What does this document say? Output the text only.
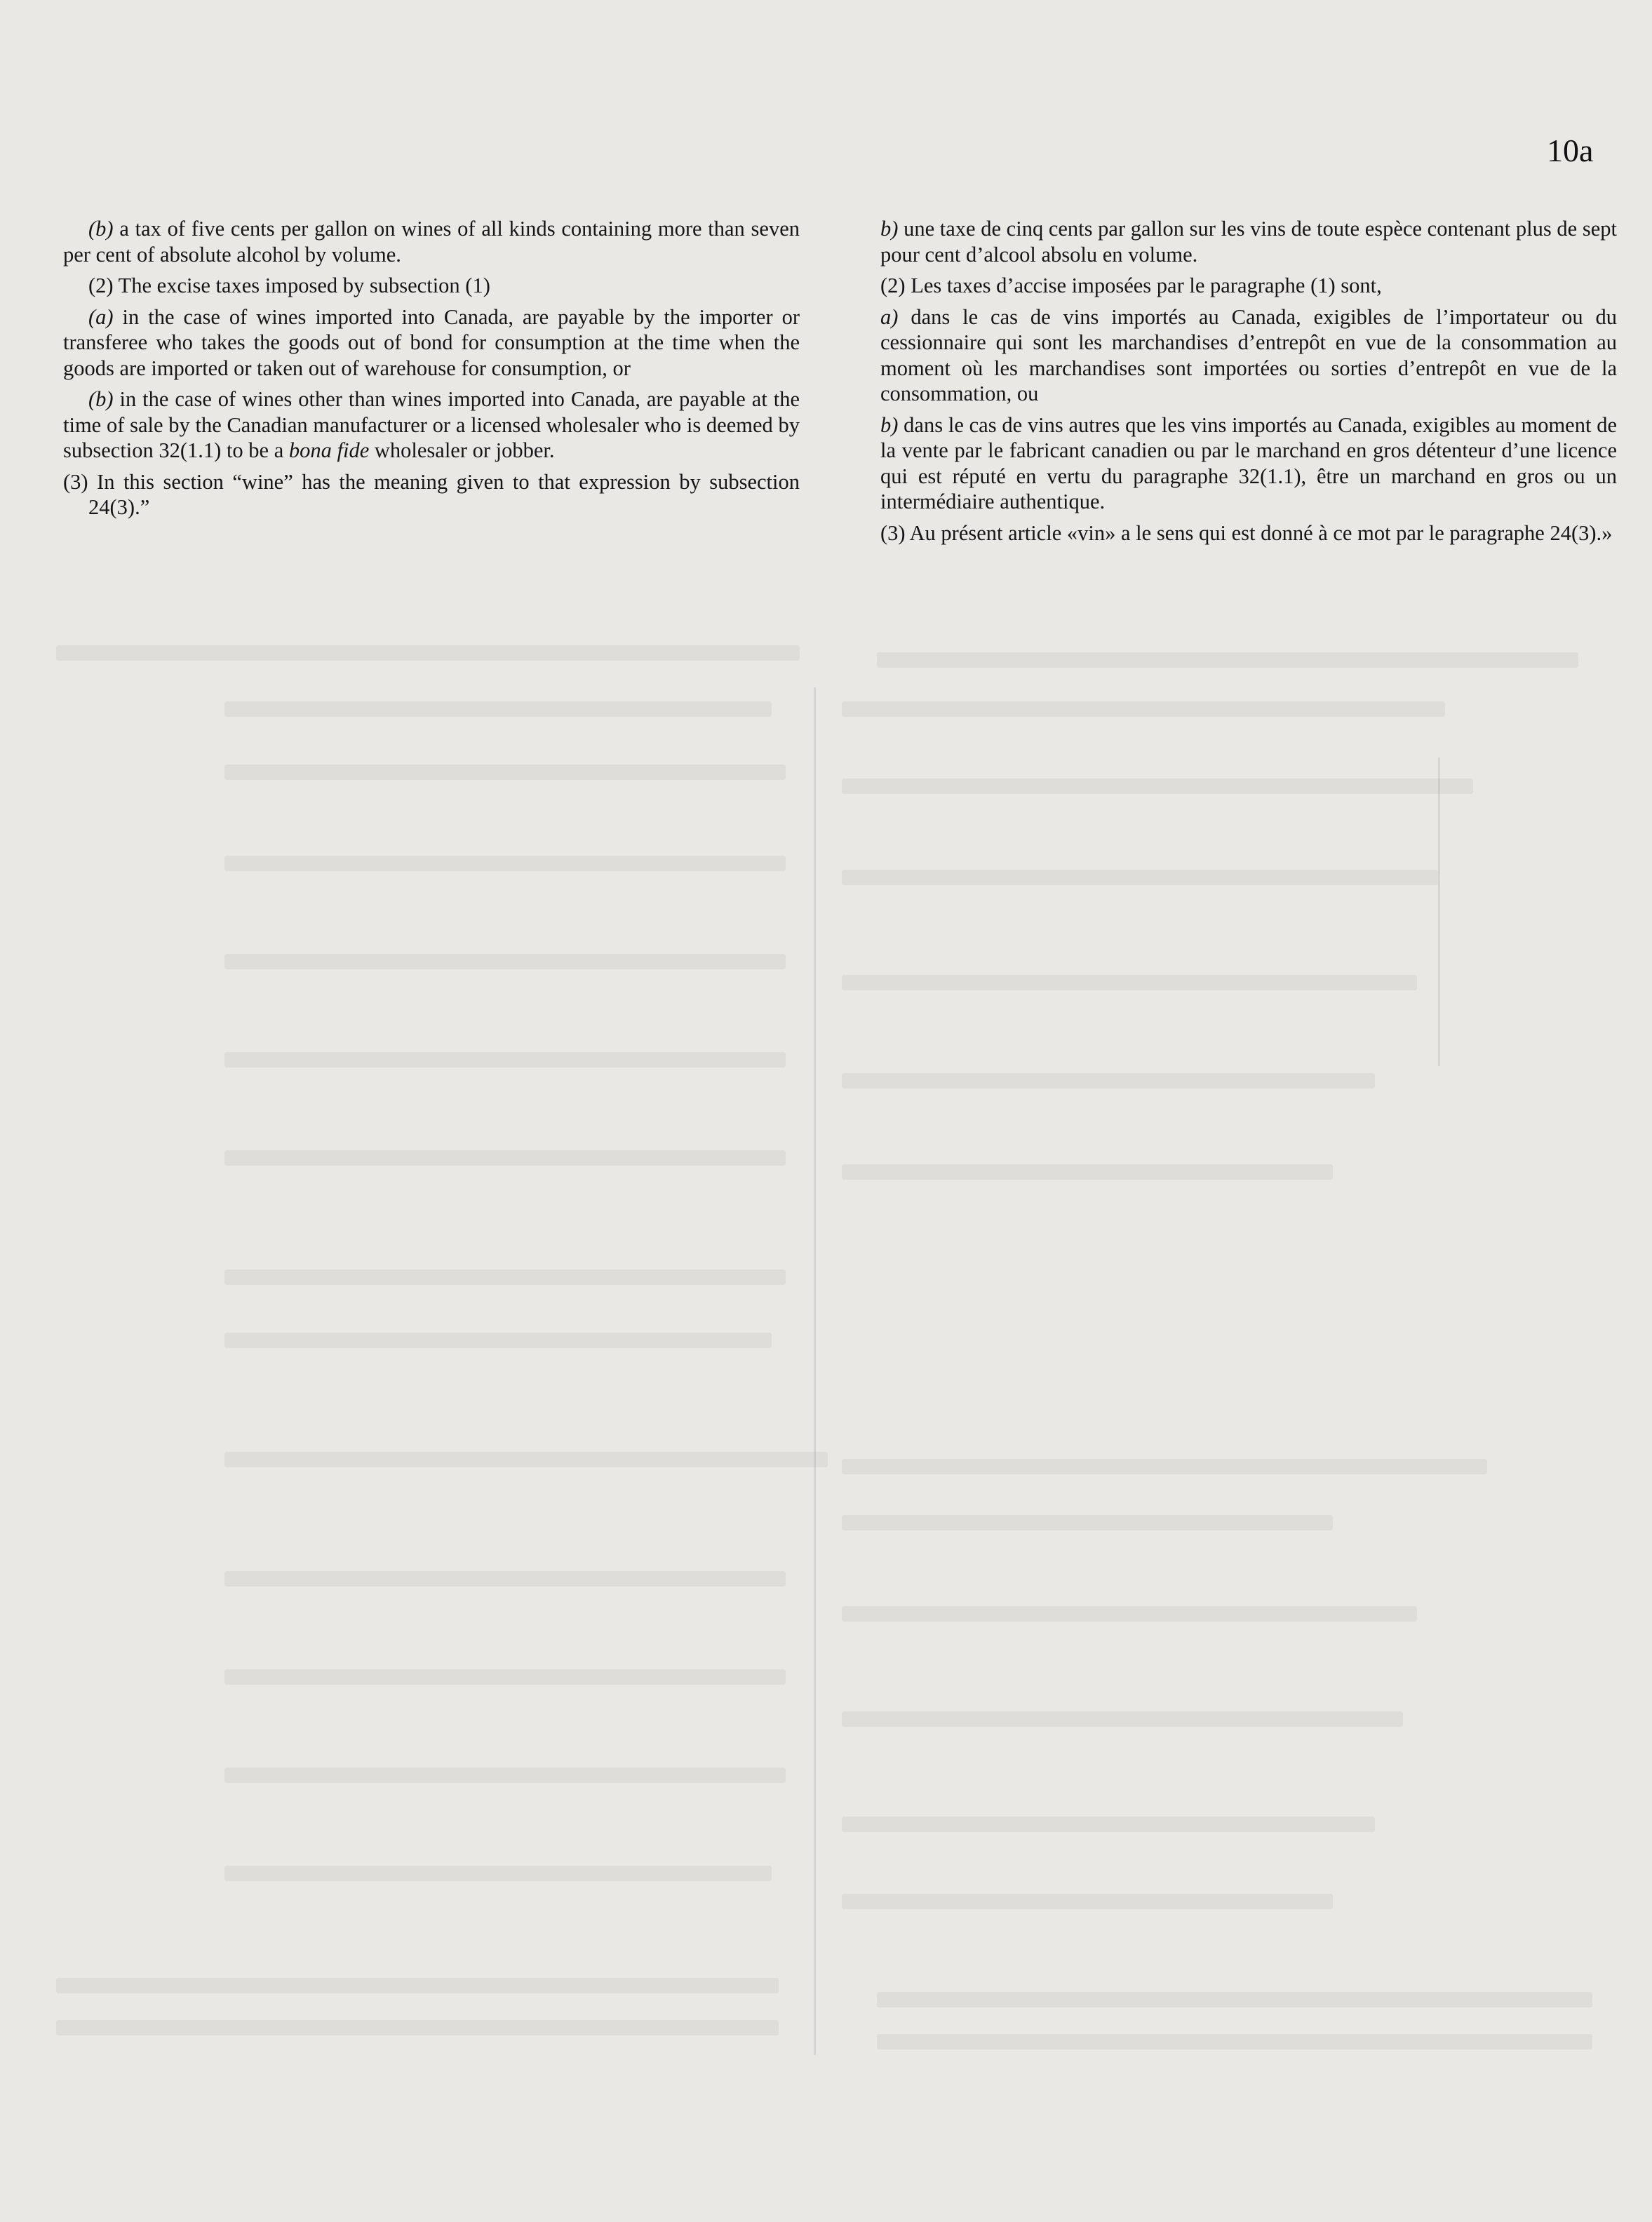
10a

(b) a tax of five cents per gallon on wines of all kinds containing more than seven per cent of absolute alcohol by volume.

(2) The excise taxes imposed by subsection (1)

(a) in the case of wines imported into Canada, are payable by the importer or transferee who takes the goods out of bond for consumption at the time when the goods are imported or taken out of warehouse for consumption, or

(b) in the case of wines other than wines imported into Canada, are payable at the time of sale by the Canadian manufacturer or a licensed wholesaler who is deemed by subsection 32(1.1) to be a bona fide wholesaler or jobber.

(3) In this section “wine” has the meaning given to that expression by subsection 24(3).”

b) une taxe de cinq cents par gallon sur les vins de toute espèce contenant plus de sept pour cent d’alcool absolu en volume.

(2) Les taxes d’accise imposées par le paragraphe (1) sont,

a) dans le cas de vins importés au Canada, exigibles de l’importateur ou du cessionnaire qui sont les marchandises d’entrepôt en vue de la consommation au moment où les marchandises sont importées ou sorties d’entrepôt en vue de la consommation, ou

b) dans le cas de vins autres que les vins importés au Canada, exigibles au moment de la vente par le fabricant canadien ou par le marchand en gros détenteur d’une licence qui est réputé en vertu du paragraphe 32(1.1), être un marchand en gros ou un intermédiaire authentique.

(3) Au présent article «vin» a le sens qui est donné à ce mot par le paragraphe 24(3).»
